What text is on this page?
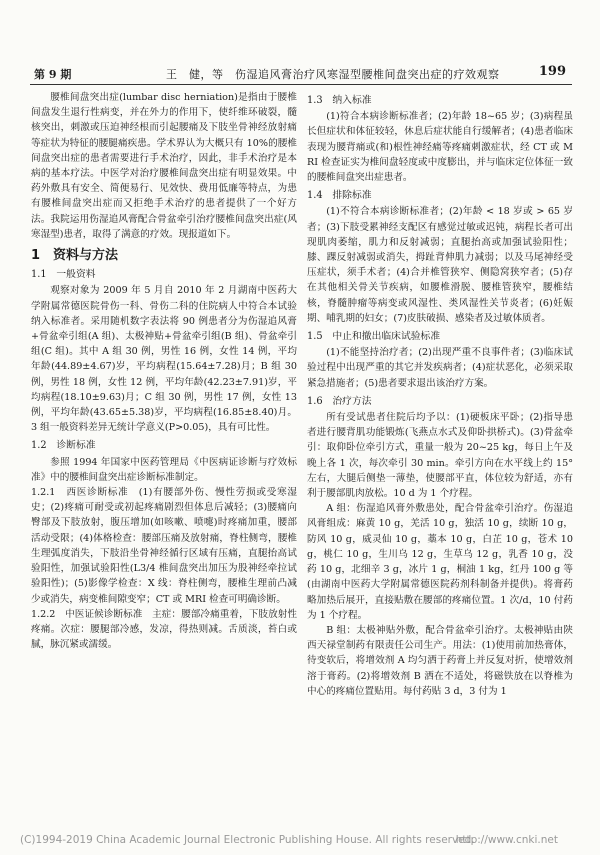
第 9 期	王　健，等　伤湿追风膏治疗风寒湿型腰椎间盘突出症的疗效观察	199

腰椎间盘突出症(lumbar disc herniation)是指由于腰椎间盘发生退行性病变，并在外力的作用下，使纤维环破裂，髓核突出，刺激或压迫神经根而引起腰痛及下肢坐骨神经放射痛等症状为特征的腰腿痛疾患。学术界认为大概只有 10%的腰椎间盘突出症的患者需要进行手术治疗，因此，非手术治疗是本病的基本疗法。中医学对治疗腰椎间盘突出症有明显效果。中药外敷具有安全、简便易行、见效快、费用低廉等特点，为患有腰椎间盘突出症而又拒绝手术治疗的患者提供了一个好方法。我院运用伤湿追风膏配合骨盆牵引治疗腰椎间盘突出症(风寒湿型)患者，取得了满意的疗效。现报道如下。

1　资料与方法
1.1　一般资料

观察对象为 2009 年 5 月自 2010 年 2 月湖南中医药大学附属常德医院骨伤一科、骨伤二科的住院病人中符合本试验纳入标准者。采用随机数字表法将 90 例患者分为伤湿追风膏+骨盆牵引组(A 组)、太极神贴+骨盆牵引组(B 组)、骨盆牵引组(C 组)。其中 A 组 30 例，男性 16 例，女性 14 例，平均年龄(44.89±4.67)岁，平均病程(15.64±7.28)月；B 组 30 例，男性 18 例，女性 12 例，平均年龄(42.23±7.91)岁，平均病程(18.10±9.63)月；C 组 30 例，男性 17 例，女性 13 例，平均年龄(43.65±5.38)岁，平均病程(16.85±8.40)月。3 组一般资料差异无统计学意义(P>0.05)，具有可比性。

1.2　诊断标准

参照 1994 年国家中医药管理局《中医病证诊断与疗效标准》中的腰椎间盘突出症诊断标准制定。

1.2.1　西医诊断标准　(1)有腰部外伤、慢性劳损或受寒湿史；(2)疼痛可耐受或初起疼痛剧烈但体息后减轻；(3)腰痛向臀部及下肢放射，腹压增加(如咳嗽、喷嚏)时疼痛加重，腰部活动受限；(4)体格检查：腰部压痛及放射痛，脊柱侧弯，腰椎生理弧度消失，下肢沿坐骨神经循行区域有压痛，直腿抬高试验阳性，加强试验阳性(L3/4 椎间盘突出加压为股神经牵拉试验阳性)；(5)影像学检查：X 线：脊柱侧弯，腰椎生理前凸减少或消失，病变椎间隙变窄；CT 或 MRI 检查可明确诊断。

1.2.2　中医证候诊断标准　主症：腰部冷痛重着，下肢放射性疼痛。次症：腰腿部冷感，发凉，得热则减。舌质淡，苔白或腻，脉沉紧或濡缓。

1.3　纳入标准

(1)符合本病诊断标准者；(2)年龄 18~65 岁；(3)病程虽长但症状和体征较轻，休息后症状能自行缓解者；(4)患者临床表现为腰背痛或(和)根性神经痛等疼痛刺激症状，经 CT 或 MRI 检查证实为椎间盘轻度或中度膨出，并与临床定位体征一致的腰椎间盘突出症患者。

1.4　排除标准

(1)不符合本病诊断标准者；(2)年龄 < 18 岁或 > 65 岁者；(3)下肢受累神经支配区有感觉过敏或迟钝，病程长者可出现肌肉萎缩，肌力和反射减弱；直腿抬高或加强试验阳性；膝、踝反射减弱或消失，拇趾背伸肌力减弱；以及马尾神经受压症状，须手术者；(4)合并椎管狭窄、侧隐窝狭窄者；(5)存在其他相关骨关节疾病，如腰椎滑脱、腰椎管狭窄，腰椎结核，脊髓肿瘤等病变或风湿性、类风湿性关节炎者；(6)妊娠期、哺乳期的妇女；(7)皮肤破损、感染者及过敏体质者。

1.5　中止和撤出临床试验标准

(1)不能坚持治疗者；(2)出现严重不良事件者；(3)临床试验过程中出现严重的其它并发疾病者；(4)症状恶化，必须采取紧急措施者；(5)患者要求退出该治疗方案。

1.6　治疗方法

所有受试患者住院后均予以：(1)硬板床平卧；(2)指导患者进行腰背肌功能锻炼(飞燕点水式及仰卧拱桥式)。(3)骨盆牵引：取仰卧位牵引方式，重量一般为 20~25 kg，每日上午及晚上各 1 次，每次牵引 30 min。牵引方向在水平线上约 15°左右，大腿后侧垫一薄垫，使腰部平直，体位较为舒适，亦有利于腰部肌肉放松。10 d 为 1 个疗程。

A 组：伤湿追风膏外敷患处，配合骨盆牵引治疗。伤湿追风膏组成：麻黄 10 g，羌活 10 g，独活 10 g，续断 10 g，防风 10 g，威灵仙 10 g，藁本 10 g，白芷 10 g，苍术 10 g，桃仁 10 g，生川乌 12 g，生草乌 12 g，乳香 10 g，没药 10 g，北细辛 3 g，冰片 1 g，桐油 1 kg，红丹 100 g 等(由湖南中医药大学附属常德医院药剂科制备并提供)。将膏药略加热后展开，直接贴敷在腰部的疼痛位置。1 次/d，10 付药为 1 个疗程。

B 组：太极神贴外敷，配合骨盆牵引治疗。太极神贴由陕西天禄堂制药有限责任公司生产。用法：(1)使用前加热膏体，待变软后，将增效剂 A 均匀洒于药膏上并反复对折，使增效剂溶于膏药。(2)将增效剂 B 洒在不适处，将磁铁放在以脊椎为中心的疼痛位置贴用。每付药贴 3 d，3 付为 1

(C)1994-2019 China Academic Journal Electronic Publishing House. All rights reserved.
http://www.cnki.net
